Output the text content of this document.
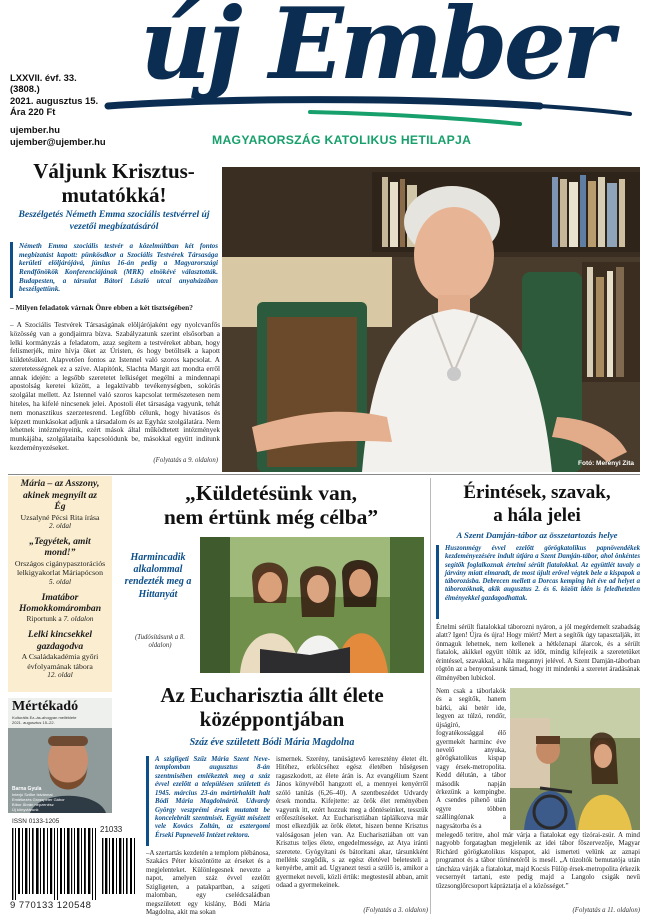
új Ember
MAGYARORSZÁG KATOLIKUS HETILAPJA
LXXVII. évf. 33.
(3808.)
2021. augusztus 15.
Ára 220 Ft
ujember.hu
ujember@ujember.hu
Váljunk Krisztus-mutatókká!
Beszélgetés Németh Emma szociális testvérrel új vezetői megbízatásáról
Németh Emma szociális testvér a közelmúltban két fontos megbízatást kapott: pünkösdkor a Szociális Testvérek Társasága kerületi elöljárójává, június 16-án pedig a Magyarországi Rendfőnökök Konferenciájának (MRK) elnökévé választották. Budapesten, a társulat Bátori László utcai anyaházában beszélgettünk.
– Milyen feladatok várnak Önre ebben a két tisztségében?
– A Szociális Testvérek Társaságának elöljárójaként egy nyolcvanfős közösség van a gondjaimra bízva. Szabályzatunk szerint elsősorban a lelki kormányzás a feladatom, azaz segítem a testvéreket abban, hogy felismerjék, mire hívja őket az Úristen, és hogy betöltsék a kapott küldetésüket. Alapvetően fontos az Istennel való szoros kapcsolat. A szeretetességnek ez a szíve. Alapítónk, Slachta Margit azt mondta erről annak idején: a legsőbb szeretetet lelkiséget megélni a mindennapi apostolság keretei között, a legaktívabb tevékenységben, sokórás szolgálat mellett. Az Istennel való szoros kapcsolat természetesen nem hiteles, ha kifelé nincsenek jelei. Apostoli élet társasága vagyunk, tehát nem monasztikus szerzetesrend. Legfőbb célunk, hogy hivatásos és képzett munkásokat adjunk a társadalom és az Egyház szolgálatára. Nem lehetnek intézményeink, ezért mások által működtetett intézmények munkájába, szolgálataiba kapcsolódunk be, másokkal együtt indítunk kezdeményezéseket.
(Folytatás a 9. oldalon)	Fotó: Merényi Zita
Mária – az Asszony, akinek megnyílt az Ég
Uzsalyné Pécsi Rita írása
2. oldal
„Tegyétek, amit mond!”
Országos cigánypasztorációs lelkigyakorlat Máriapócson
5. oldal
Imatábor Homokkomáromban
Riportunk a 7. oldalon
Lelki kincsekkel gazdagodva
A Családakadémia győri évfolyamának tábora
12. oldal
Mértékadó
Kulturális Ez–ás-ahogyan melléklete
2021. augusztus 15–22.
Barna Gyula
Interjú Szőke Istvánnal
Emlékezés Grosspeter Gábor
Bíbor Ábrán népzenész
Új könyvtárunk
ISSN 0133-1205
21033
9 770133 120548
„Küldetésünk van,
nem értünk még célba”
Harmincadik alkalommal rendezték meg a Hittanyát
(Tudósításunk a 8. oldalon)
Az Eucharisztia állt élete
középpontjában
Száz éve született Bódi Mária Magdolna
A szigligeti Szűz Mária Szent Neve-templomban augusztus 8-án szentmisében emlékeztek meg a száz évvel ezelőtt a településen született és 1945. március 23-án mártírhalált halt Bódi Mária Magdolnáról. Udvardy György veszprémi érsek mutatott be koncelebrált szentmisét. Együtt misézett vele Kovács Zoltán, az esztergomi Érseki Papnevelő Intézet rektora.
–A szertartás kezdetén a templom plébánosa, Szakács Péter köszöntötte az érseket és a megjelenteket. Különlegesnek nevezte a napot, amelyen száz évvel ezelőtt Szigligeten, a patakpartban, a szigeti malomban, egy cselédcsaládban megszületett egy kislány, Bódi Mária Magdolna, akit ma sokan
ismernek. Szerény, tanúságtevő keresztény életet élt. Hitéhez, erkölcséhez egész életében hűségesen ragaszkodott, az élete árán is. Az evangélium Szent János könyvéből hangzott el, a mennyei kenyérről szóló tanítás (6,26–40). A szentbeszédet Udvardy érsek mondta. Kifejtette: az örök élet reményében vagyunk itt, ezért hozzuk meg a döntéseinket, tesszük erőfeszítéseket. Az Eucharisztiában táplálkozva már most elkezdjük az örök életet, hiszen benne Krisztus valóságosan jelen van. Az Eucharisztiában ott van Krisztus teljes élete, engedelmessége, az Atya iránti szeretete. Gyógyítani és bátorítani akar, társunkként mellénk szegődik, s az egész életével beletesteli a kenyérbe, amit ad. Ugyanezt teszi a szülő is, amikor a gyermeket neveli, közli értük: megtestesül abban, amit odaad a gyermekeinek.
(Folytatás a 3. oldalon)
Érintések, szavak,
a hála jelei
A Szent Damján-tábor az összetartozás helye
Huszonmégy évvel ezelőtt görögkatolikus papnövendékek kezdeményezésére indult útjára a Szent Damján-tábor, ahol önkéntes segítők foglalkoznak értelmi sérült fiatalokkal. Az együttlét tavaly a járvány miatt elmaradt, de most újult erővel végtek bele a kispapok a táborozásba. Debrecen mellett a Dorcas kemping hét éve ad helyet a táborozóknak, akik augusztus 2. és 6. között idén is feledhetetlen élményekkel gazdagodhattak.
Értelmi sérült fiatalokkal táborozni nyáron, a jól megérdemelt szabadság alatt? Igen! Újra és újra! Hogy miért? Mert a segítők úgy tapasztalják, itt önmaguk lehetnek, nem kellenek a hétköznapi álarcok, és a sérült fiatalok, akikkel együtt töltik az időt, mindig kifejezik a szeretetüket érintéssel, szavakkal, a hála megannyi jelével. A Szent Damján-táborban rögtön az a benyomásunk támad, hogy itt mindenki a szeretet áradásának élményében lubickol.
Nem csak a táborlakók és a segítők, hanem bárki, aki betér ide, legyen az túlzó, rendőr, újságíró, fogyatékossággal élő gyermekét harminc éve nevelő anyuka, görögkatolikus kispap vagy érsek-metropolita. Kedd délután, a tábor második napján érkezünk a kempingbe. A csendes pihenő után egyre többen szállingóznak a nagysátorba és a
melegedő teritre, ahol már várja a fiatalokat egy tízórai-zsúr. A mind nagyobb forgatagban megjelenik az idei tábor főszervezője, Magyar Richárd görögkatolikus kispapot, aki ismerteti velünk az aznapi programot és a tábor történetéről is mesél. „A túzoltók bemutatója után táncháza várják a fiatalokat, majd Kocsis Fülöp érsek-metropolita érkezik vecsernyét tartani, este pedig majd a Langolo csigák nevű tűzzsonglőrcsoport kápráztatja el a közösséget.”
(Folytatás a 11. oldalon)
